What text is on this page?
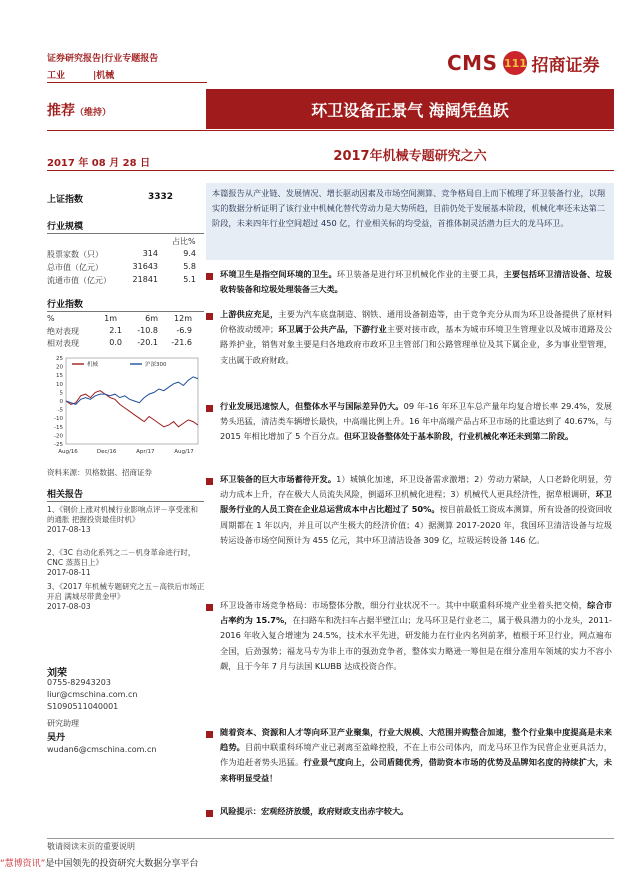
证券研究报告|行业专题报告
工业	|机械
CMS 111 招商证券
推荐（维持）	环卫设备正景气 海阔凭鱼跃
2017 年 08 月 28 日	2017年机械专题研究之六
上证指数	3332
行业规模
占比%
股票家数（只）	314	9.4
总市值（亿元）	31643	5.8
流通市值（亿元）	21841	5.1
行业指数
%	1m	6m 12m
绝对表现	2.1 -10.8 -6.9
相对表现	0.0 -20.1 -21.6
机械	沪深300
25
20
15
10
5
0
-5
-10
-15
-20
-25
Aug/16	Dec/16	Apr/17	Aug/17
资料来源：贝格数据、招商证券
相关报告
1、《钢价上涨对机械行业影响点评－享受涨和的通胀 把握投资最佳时机》
2017-08-13
2、《3C 自动化系列之二－机身革命进行时，CNC 蒸蒸日上》
2017-08-11
3、《2017 年机械专题研究之五－高铁后市场正开启 满城尽带黄金甲》
2017-08-03
刘荣
0755-82943203
liur@cmschina.com.cn
S1090511040001
研究助理
吴丹
wudan6@cmschina.com.cn
本篇报告从产业链、发展情况、增长驱动因素及市场空间测算、竞争格局自上而下梳理了环卫装备行业，以翔实的数据分析证明了该行业中机械化替代劳动力是大势所趋，目前仍处于发展基本阶段，机械化率还未达第二阶段，未来四年行业空间超过 450 亿，行业相关标的均受益，首推体制灵活潜力巨大的龙马环卫。
环境卫生是指空间环境的卫生。环卫装备是进行环卫机械化作业的主要工具，主要包括环卫清洁设备、垃圾收转装备和垃圾处理装备三大类。
上游供应充足，主要为汽车底盘制造、钢铁、通用设备制造等，由于竞争充分从而为环卫设备提供了原材料价格波动缓冲；环卫属于公共产品，下游行业主要对接市政，基本为城市环境卫生管理业以及城市道路及公路养护业，销售对象主要是归各地政府市政环卫主管部门和公路管理单位及其下属企业，多为事业型管理，支出属于政府财政。
行业发展迅速惊人，但整体水平与国际差异仍大。09 年-16 年环卫车总产量年均复合增长率 29.4%，发展势头迅猛，清洁类车辆增长最快，中高端比例上升。16 年中高端产品占环卫市场的比重达到了 40.67%，与 2015 年相比增加了 5 个百分点。但环卫设备整体处于基本阶段，行业机械化率还未到第二阶段。
环卫装备的巨大市场蓄待开发。1）城镇化加速，环卫设备需求激增；2）劳动力紧缺，人口老龄化明显，劳动力成本上升，存在极大人员流失风险，倒逼环卫机械化进程；3）机械代人更具经济性，据草根调研，环卫服务行业的人员工资在企业总运营成本中占比超过了 50%。按目前最低工资成本测算，所有设备的投资回收周期都在 1 年以内，并且可以产生极大的经济价值；4）据测算 2017-2020 年，我国环卫清洁设备与垃圾转运设备市场空间预计为 455 亿元，其中环卫清洁设备 309 亿，垃圾运转设备 146 亿。
环卫设备市场竞争格局：市场整体分散，细分行业状况不一。其中中联重科环境产业坐着头把交椅，综合市占率约为 15.7%，在扫路车和洗扫车占据半壁江山；龙马环卫是行业老二，属于极具潜力的小龙头，2011-2016 年收入复合增速为 24.5%，技术水平先进，研发能力在行业内名列前茅，植根于环卫行业，网点遍布全国，后劲强势；福龙马专为非上市的强劲竞争者，整体实力略逊一筹但是在细分准用车领域的实力不容小觑，且于今年 7 月与法国 KLUBB 达成投资合作。
随着资本、资源和人才等向环卫产业聚集，行业大规模、大范围并购整合加速，整个行业集中度提高是未来趋势。目前中联重科环境产业已剥离至盈峰控股，不在上市公司体内，而龙马环卫作为民营企业更具活力，作为追赶者势头迅猛。行业景气度向上，公司盾随优秀，借助资本市场的优势及品牌知名度的持续扩大，未来将明显受益！
风险提示：宏观经济放缓，政府财政支出赤字较大。
敬请阅读末页的重要说明
“慧博资讯”是中国领先的投资研究大数据分享平台
